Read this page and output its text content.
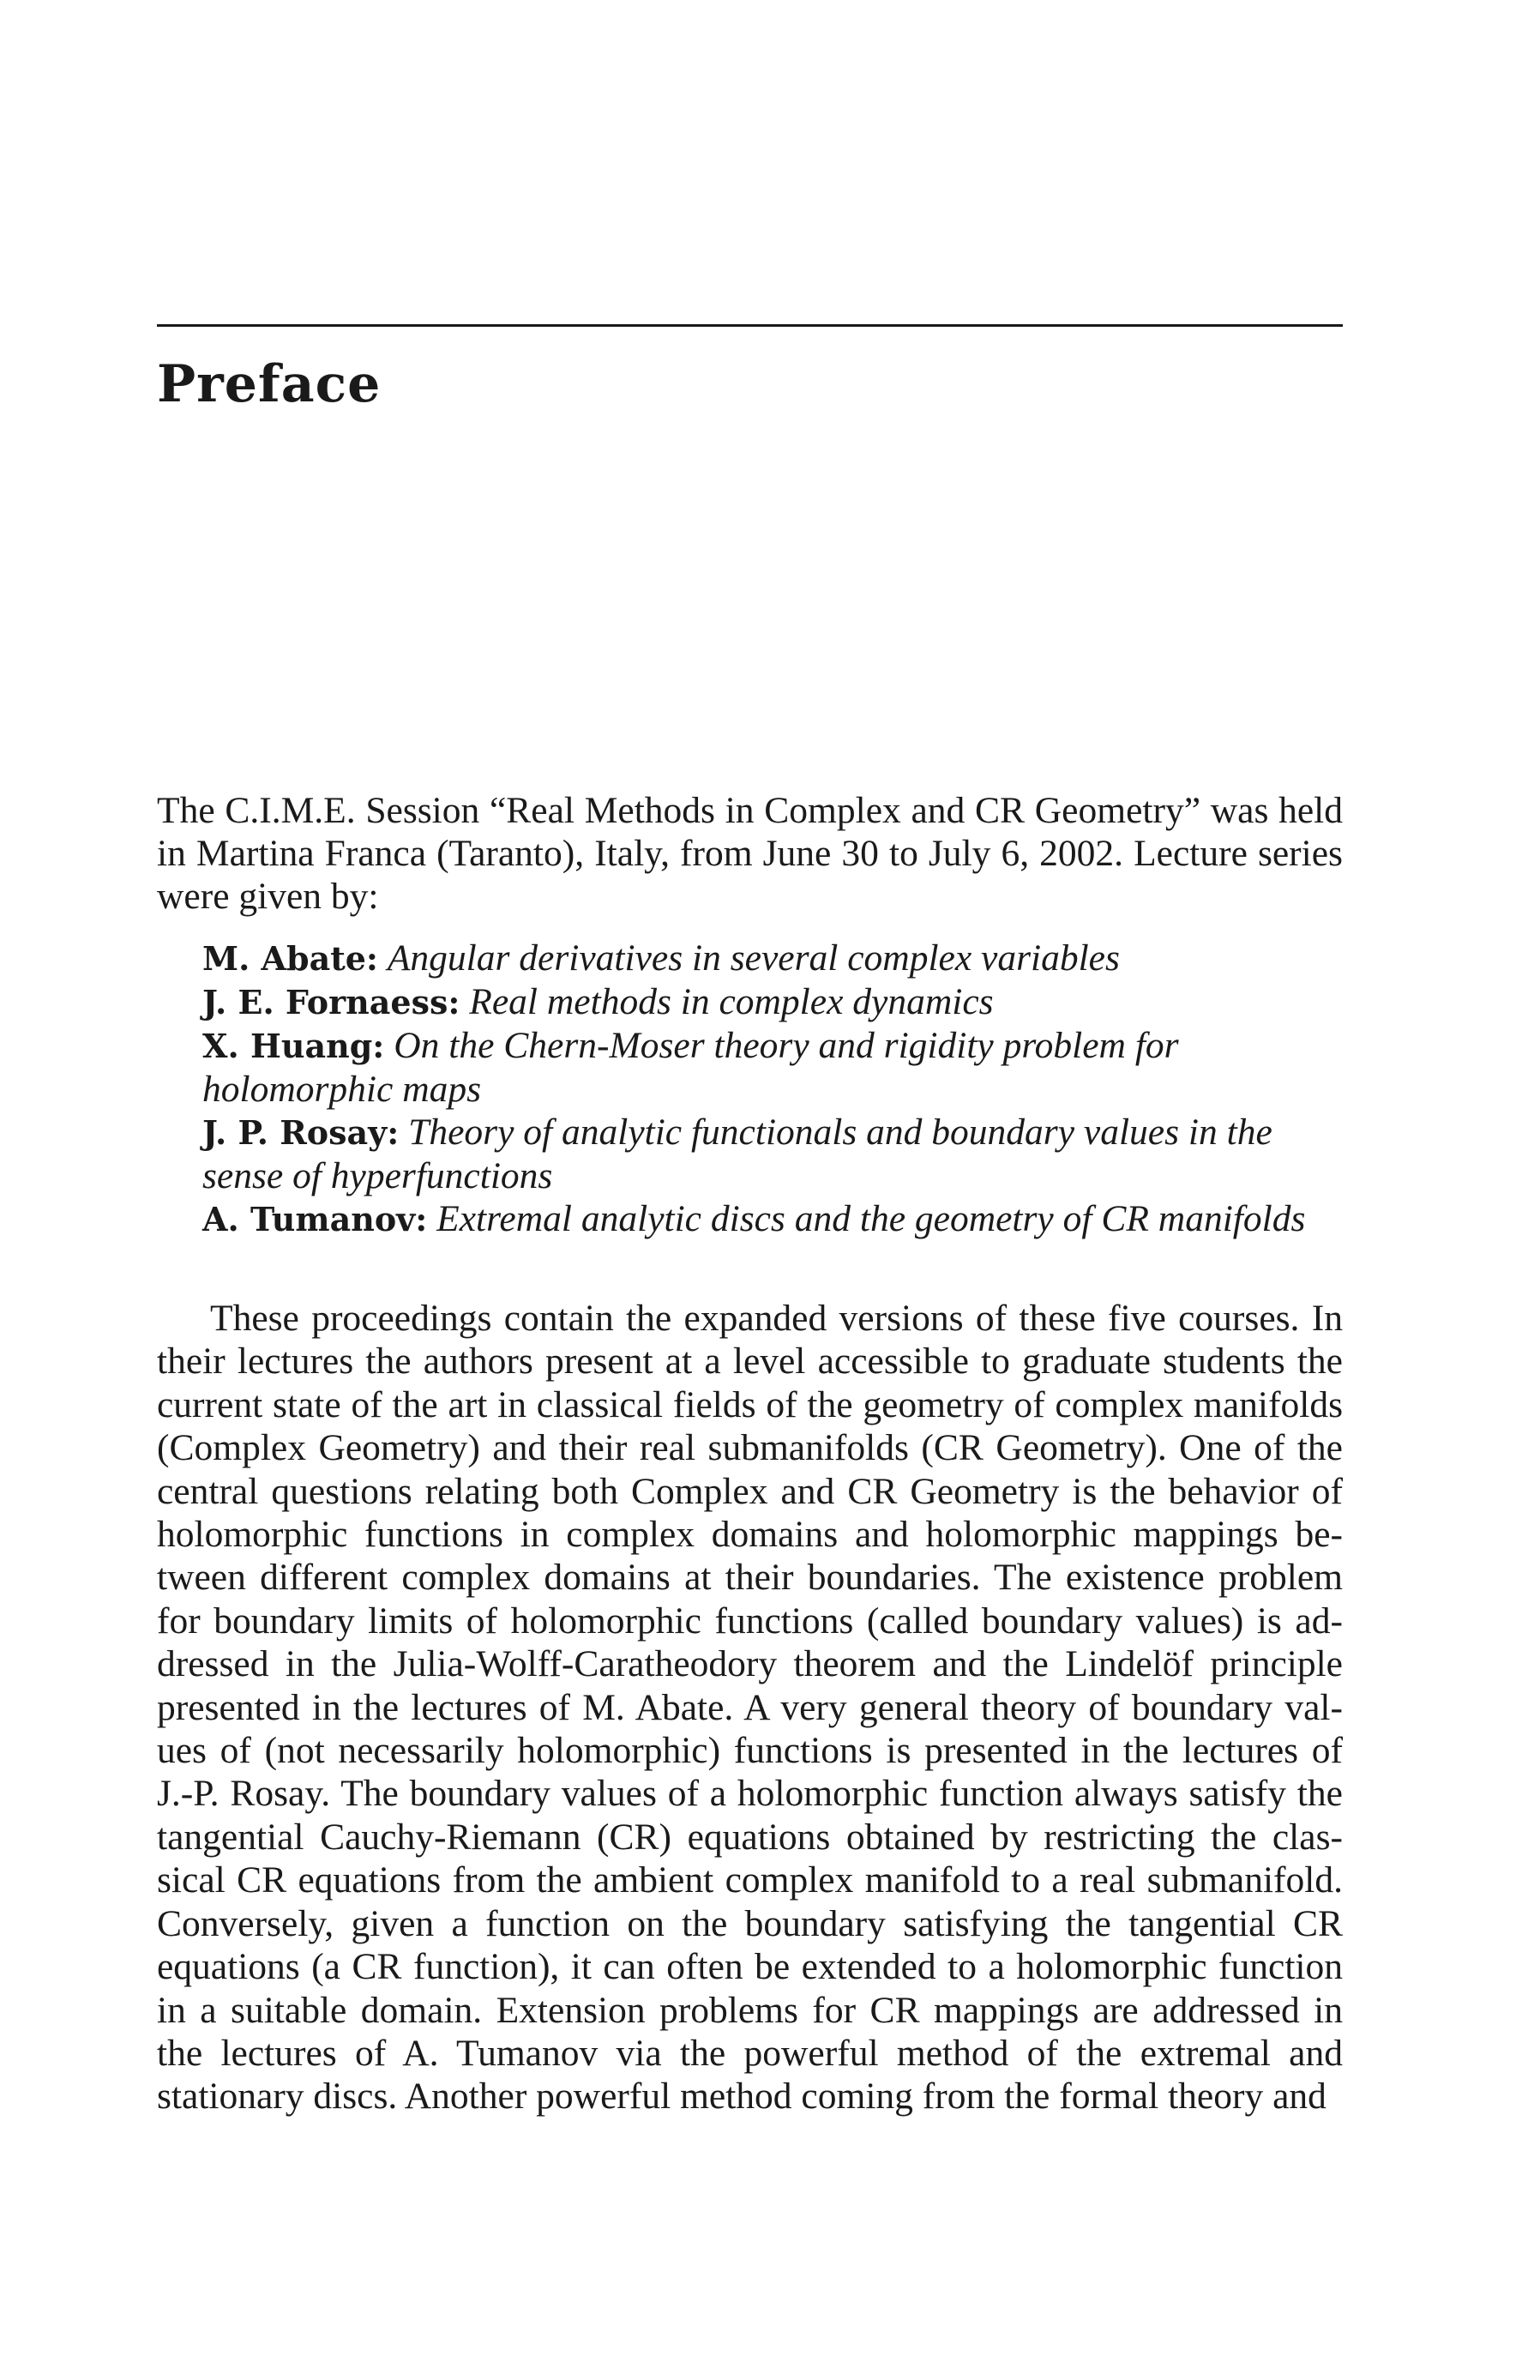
Preface

The C.I.M.E. Session “Real Methods in Complex and CR Geometry” was held in Martina Franca (Taranto), Italy, from June 30 to July 6, 2002. Lecture series were given by:

M. Abate: Angular derivatives in several complex variables
J. E. Fornaess: Real methods in complex dynamics
X. Huang: On the Chern-Moser theory and rigidity problem for holomorphic maps
J. P. Rosay: Theory of analytic functionals and boundary values in the sense of hyperfunctions
A. Tumanov: Extremal analytic discs and the geometry of CR manifolds

These proceedings contain the expanded versions of these five courses. In their lectures the authors present at a level accessible to graduate students the current state of the art in classical fields of the geometry of complex manifolds (Complex Geometry) and their real submanifolds (CR Geometry). One of the central questions relating both Complex and CR Geometry is the behavior of holomorphic functions in complex domains and holomorphic mappings between different complex domains at their boundaries. The existence problem for boundary limits of holomorphic functions (called boundary values) is addressed in the Julia-Wolff-Caratheodory theorem and the Lindelöf principle presented in the lectures of M. Abate. A very general theory of boundary values of (not necessarily holomorphic) functions is presented in the lectures of J.-P. Rosay. The boundary values of a holomorphic function always satisfy the tangential Cauchy-Riemann (CR) equations obtained by restricting the classical CR equations from the ambient complex manifold to a real submanifold. Conversely, given a function on the boundary satisfying the tangential CR equations (a CR function), it can often be extended to a holomorphic function in a suitable domain. Extension problems for CR mappings are addressed in the lectures of A. Tumanov via the powerful method of the extremal and stationary discs. Another powerful method coming from the formal theory and
